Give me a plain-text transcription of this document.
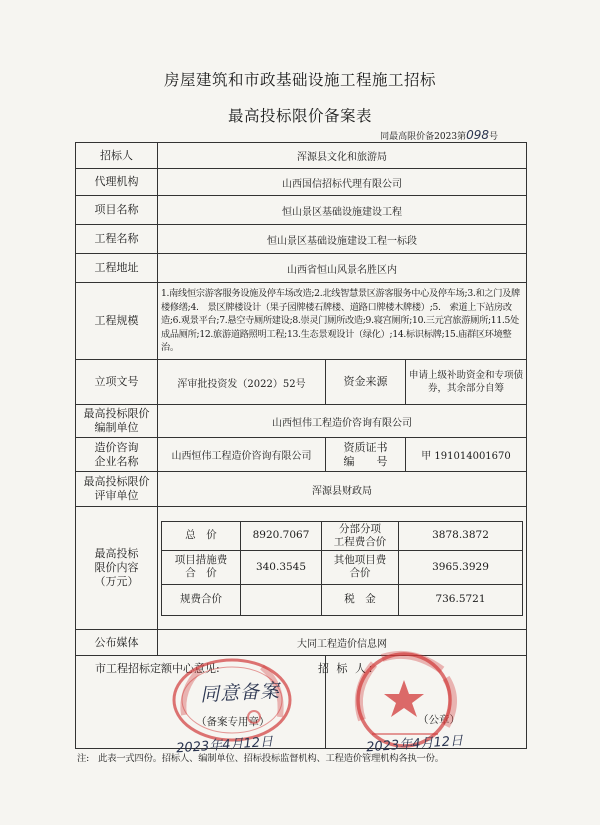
房屋建筑和市政基础设施工程施工招标
最高投标限价备案表
同最高限价备2023第098号
招标人	浑源县文化和旅游局
代理机构	山西国信招标代理有限公司
项目名称	恒山景区基础设施建设工程
工程名称	恒山景区基础设施建设工程一标段
工程地址	山西省恒山风景名胜区内
工程规模	1.南线恒宗游客服务设施及停车场改造;2.北线智慧景区游客服务中心及停车场;3.和之门及牌楼修缮;4.　景区牌楼设计（果子园牌楼石牌楼、道路口牌楼木牌楼）;5.　索道上下站房改造;6.观景平台;7.悬空寺厕所建设;8.崇灵门厕所改造;9.寝宫厕所;10.三元宫旅游厕所;11.5处成品厕所;12.旅游道路照明工程;13.生态景观设计（绿化）;14.标识标牌;15.庙群区环境整治。
立项文号	浑审批投资发（2022）52号	资金来源	申请上级补助资金和专项债券，其余部分自筹
最高投标限价
编制单位	山西恒伟工程造价咨询有限公司
造价咨询
企业名称	山西恒伟工程造价咨询有限公司	资质证书
编　　号	甲 191014001670
最高投标限价
评审单位	浑源县财政局
最高投标
限价内容
（万元）	
总　价	8920.7067	分部分项
工程费合价	3878.3872
项目措施费
合　价	340.3545	其他项目费
合价	3965.3929
规费合价		税　金	736.5721

公布媒体	大同工程造价信息网

市工程招标定额中心意见:	招 标 人：
（备案专用章）	（公章）
同意备案
2023年4月12日	2023年4月12日
注:　此表一式四份。招标人、编制单位、招标投标监督机构、工程造价管理机构各执一份。
